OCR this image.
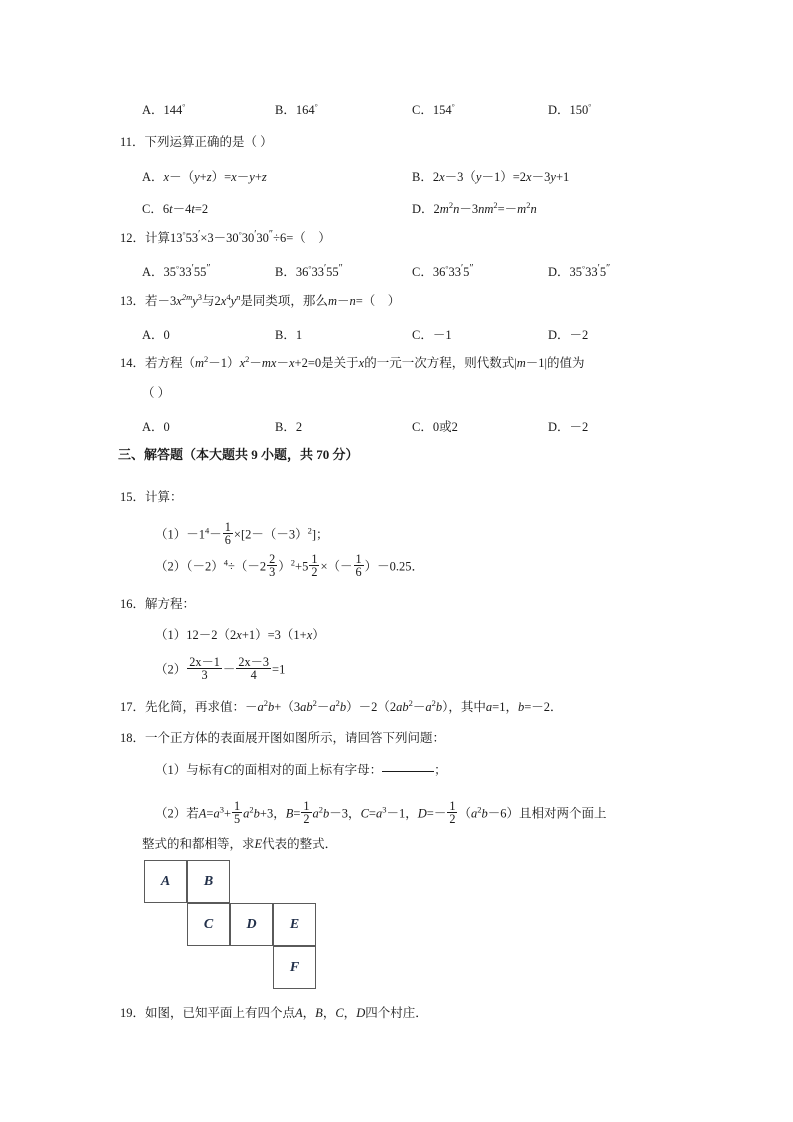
A．144°	B．164°	C．154°	D．150°
11．下列运算正确的是（ ）
A．x－（y+z）=x－y+z	B．2x－3（y－1）=2x－3y+1
C．6t－4t=2	D．$2m^2n-3nm^2=-m^2n$
12．计算13°53′×3－30°30′30″÷6=（    ）
A．35°33′55″	B．36°33′55″	C．36°33′5″	D．35°33′5″
13．若$-3x^{2m}y^3$与$2x^4y^n$是同类项，那么m－n=（    ）
A．0	B．1	C．－1	D．－2
14．若方程$(m^2-1)x^2-mx-x+2=0$是关于x的一元一次方程，则代数式|m－1|的值为
（ ）
A．0	B．2	C．0或2	D．－2
三、解答题（本大题共 9 小题，共 70 分）
15．计算：
$(1)-1^4- \frac{1}{6} \times[2-(-3)^2]$；
$(2)(-2)^4\div(-2 \frac{2}{3} )^2+5 \frac{1}{2}$ ×（－ $\frac{1}{6} )-0.25$．
16．解方程：
（1）12－2（2x+1）=3（1+x）
$(2) \frac{2x-1}{3} - \frac{2x-3}{4} =1$
17．先化简，再求值：$-a^2b+(3ab^2-a^2b)-2(2ab^2-a^2b)$，其中a=1，b=－2．
18．一个正方体的表面展开图如图所示，请回答下列问题：
（1）与标有C的面相对的面上标有字母：	；
（2）若$A=a^3+ \frac{1}{5} a^2b+3$，$B= \frac{1}{2} a^2b-3$，$C=a^3-1$，$D=- \frac{1}{2} (a^2b-6)$且相对两个面上
整式的和都相等，求E代表的整式．
A	B
C	D	E
F
19．如图，已知平面上有四个点A，B，C，D四个村庄．
